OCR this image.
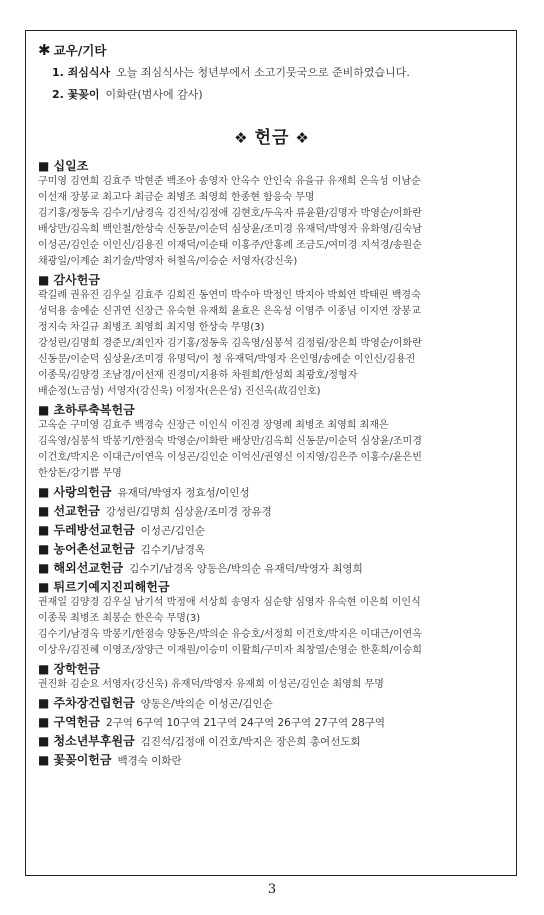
✱ 교우/기타
1. 죄심식사 오늘 죄심식사는 청년부에서 소고기뭇국으로 준비하였습니다.
2. 꽃꽂이 이화란(범사에 감사)
❖ 헌금 ❖
■ 십일조
구미영 김연희 김효주 박현준 백조아 송영자 안옥수 안인숙 유을규 유재희 은옥성 이남순
이선재 장봉교 최고다 최금순 최병조 최영희 한종현 함응숙 무명
김기홍/정동욱 김수기/남경옥 김진석/김정애 김현호/두옥자 류윤환/김명자 박영순/이화란
배상만/김옥희 백인철/한상숙 신동문/이순덕 심상윤/조미경 유재덕/박영자 유화영/김숙남
이성곤/김인순 이인신/김용진 이재덕/이순태 이홍주/안홍례 조금도/여미경 지석경/송원순
채광일/이계순 최기술/박영자 허철옥/이승순 서영자(강신욱)
■ 감사헌금
곽길례 권유진 김우실 김효주 김희진 동연미 박수아 박정인 박지아 박희연 박태린 백경숙
성덕용 송에순 신귀연 신장근 유숙현 유재희 윤효은 은옥성 이영주 이종님 이지연 장봉교
정지숙 차길규 최병조 최영희 최지영 한상숙 무명(3)
강성린/김명희 경준모/최인자 김기홍/정동욱 김옥영/심봉석 김정림/장은희 박영순/이화란
신동문/이순덕 심상윤/조미경 유명덕/이 청 유재덕/박영자 은인영/송에순 이인신/김용진
이종묵/김양경 조남경/이선재 진경미/지용하 차원희/한성희 최광호/정형자
배순정(노금성) 서영자(강신욱) 이정자(은은성) 진신옥(故김인호)
■ 초하루축복헌금
고옥순 구미영 김효주 백경숙 신장근 이인식 이진경 장영례 최병조 최영희 최재은
김옥영/심봉석 박봉기/한점숙 박영순/이화란 배상만/김옥희 신동문/이순덕 심상윤/조미경
이건호/박지은 이대근/이연옥 이성곤/김인순 이억신/권영신 이지영/김은주 이홍수/윤은빈
한상돈/강기쁨 무명
■ 사랑의헌금 유재덕/박영자 정효성/이인성
■ 선교헌금 강성린/김명희 심상윤/조미경 장유경
■ 두레방선교헌금 이성곤/김인순
■ 농어촌선교헌금 김수기/남경옥
■ 해외선교헌금 김수기/남경옥 양동은/박의순 유재덕/박영자 최영희
■ 튀르기예지진피해헌금
권재일 김양경 김우실 남기석 박정애 서상희 송영자 심순향 심영자 유숙현 이은희 이인식
이종묵 최병조 최봉순 한은숙 무명(3)
김수기/남경옥 박봉기/한점숙 양동은/박의순 유승호/서정희 이건호/박지은 이대근/이연옥
이상우/김진혜 이영조/장양근 이재원/이승미 이활희/구미자 최창열/손영순 한훈희/이승희
■ 장학헌금
권진화 김순요 서영자(강신욱) 유재덕/박영자 유재희 이성곤/김인순 최영희 무명
■ 주차장건립헌금 양동은/박의순 이성곤/김인순
■ 구역헌금 2구역 6구역 10구역 21구역 24구역 26구역 27구역 28구역
■ 청소년부후원금 김진석/김정애 이건호/박지은 장은희 총여선도회
■ 꽃꽂이헌금 백경숙 이화란
3
